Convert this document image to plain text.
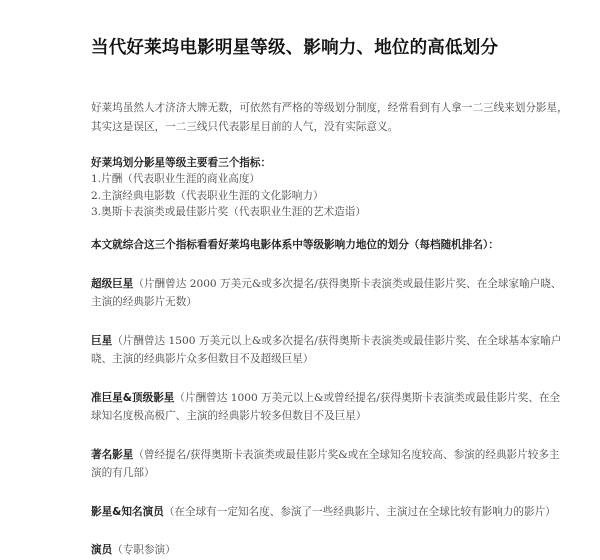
当代好莱坞电影明星等级、影响力、地位的高低划分

好莱坞虽然人才济济大牌无数，可依然有严格的等级划分制度，经常看到有人拿一二三线来划分影星，其实这是误区，一二三线只代表影星目前的人气，没有实际意义。

好莱坞划分影星等级主要看三个指标：

1.片酬（代表职业生涯的商业高度）
2.主演经典电影数（代表职业生涯的文化影响力）
3.奥斯卡表演类或最佳影片奖（代表职业生涯的艺术造诣）

本文就综合这三个指标看看好莱坞电影体系中等级影响力地位的划分（每档随机排名）：

超级巨星（片酬曾达 2000 万美元&或多次提名/获得奥斯卡表演类或最佳影片奖、在全球家喻户晓、主演的经典影片无数）

巨星（片酬曾达 1500 万美元以上&或多次提名/获得奥斯卡表演类或最佳影片奖、在全球基本家喻户晓、主演的经典影片众多但数目不及超级巨星）

准巨星&顶级影星（片酬曾达 1000 万美元以上&或曾经提名/获得奥斯卡表演类或最佳影片奖、在全球知名度极高极广、主演的经典影片较多但数目不及巨星）

著名影星（曾经提名/获得奥斯卡表演类或最佳影片奖&或在全球知名度较高、参演的经典影片较多主演的有几部）

影星&知名演员（在全球有一定知名度、参演了一些经典影片、主演过在全球比较有影响力的影片）

演员（专职参演）
